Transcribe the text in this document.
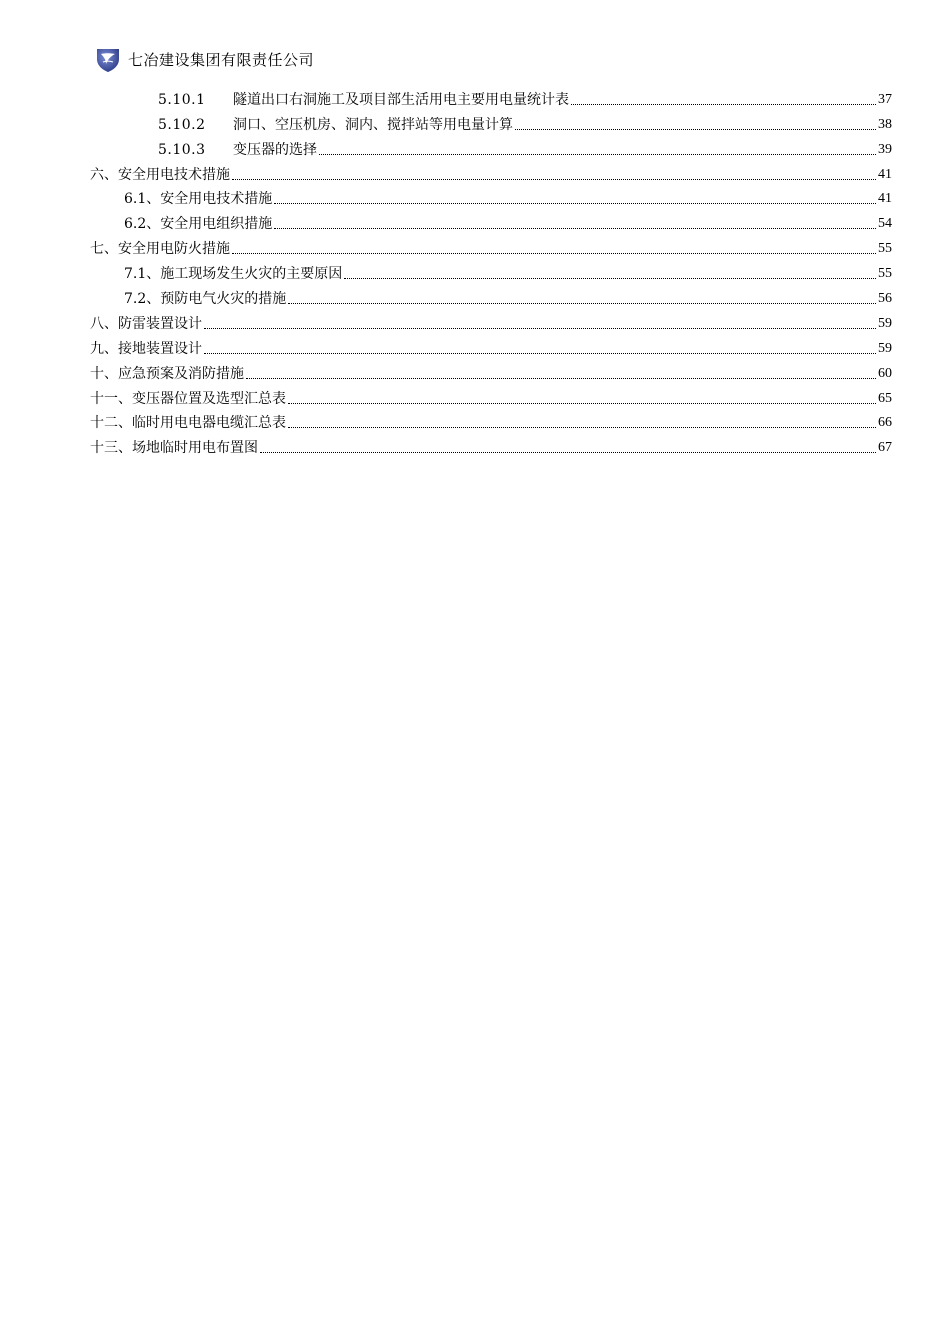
七冶建设集团有限责任公司
5.10.1	隧道出口右洞施工及项目部生活用电主要用电量统计表	37
5.10.2	洞口、空压机房、洞内、搅拌站等用电量计算	38
5.10.3	变压器的选择	39
六、安全用电技术措施	41
6.1、安全用电技术措施	41
6.2、安全用电组织措施	54
七、安全用电防火措施	55
7.1、施工现场发生火灾的主要原因	55
7.2、预防电气火灾的措施	56
八、防雷装置设计	59
九、接地装置设计	59
十、应急预案及消防措施	60
十一、变压器位置及选型汇总表	65
十二、临时用电电器电缆汇总表	66
十三、场地临时用电布置图	67
